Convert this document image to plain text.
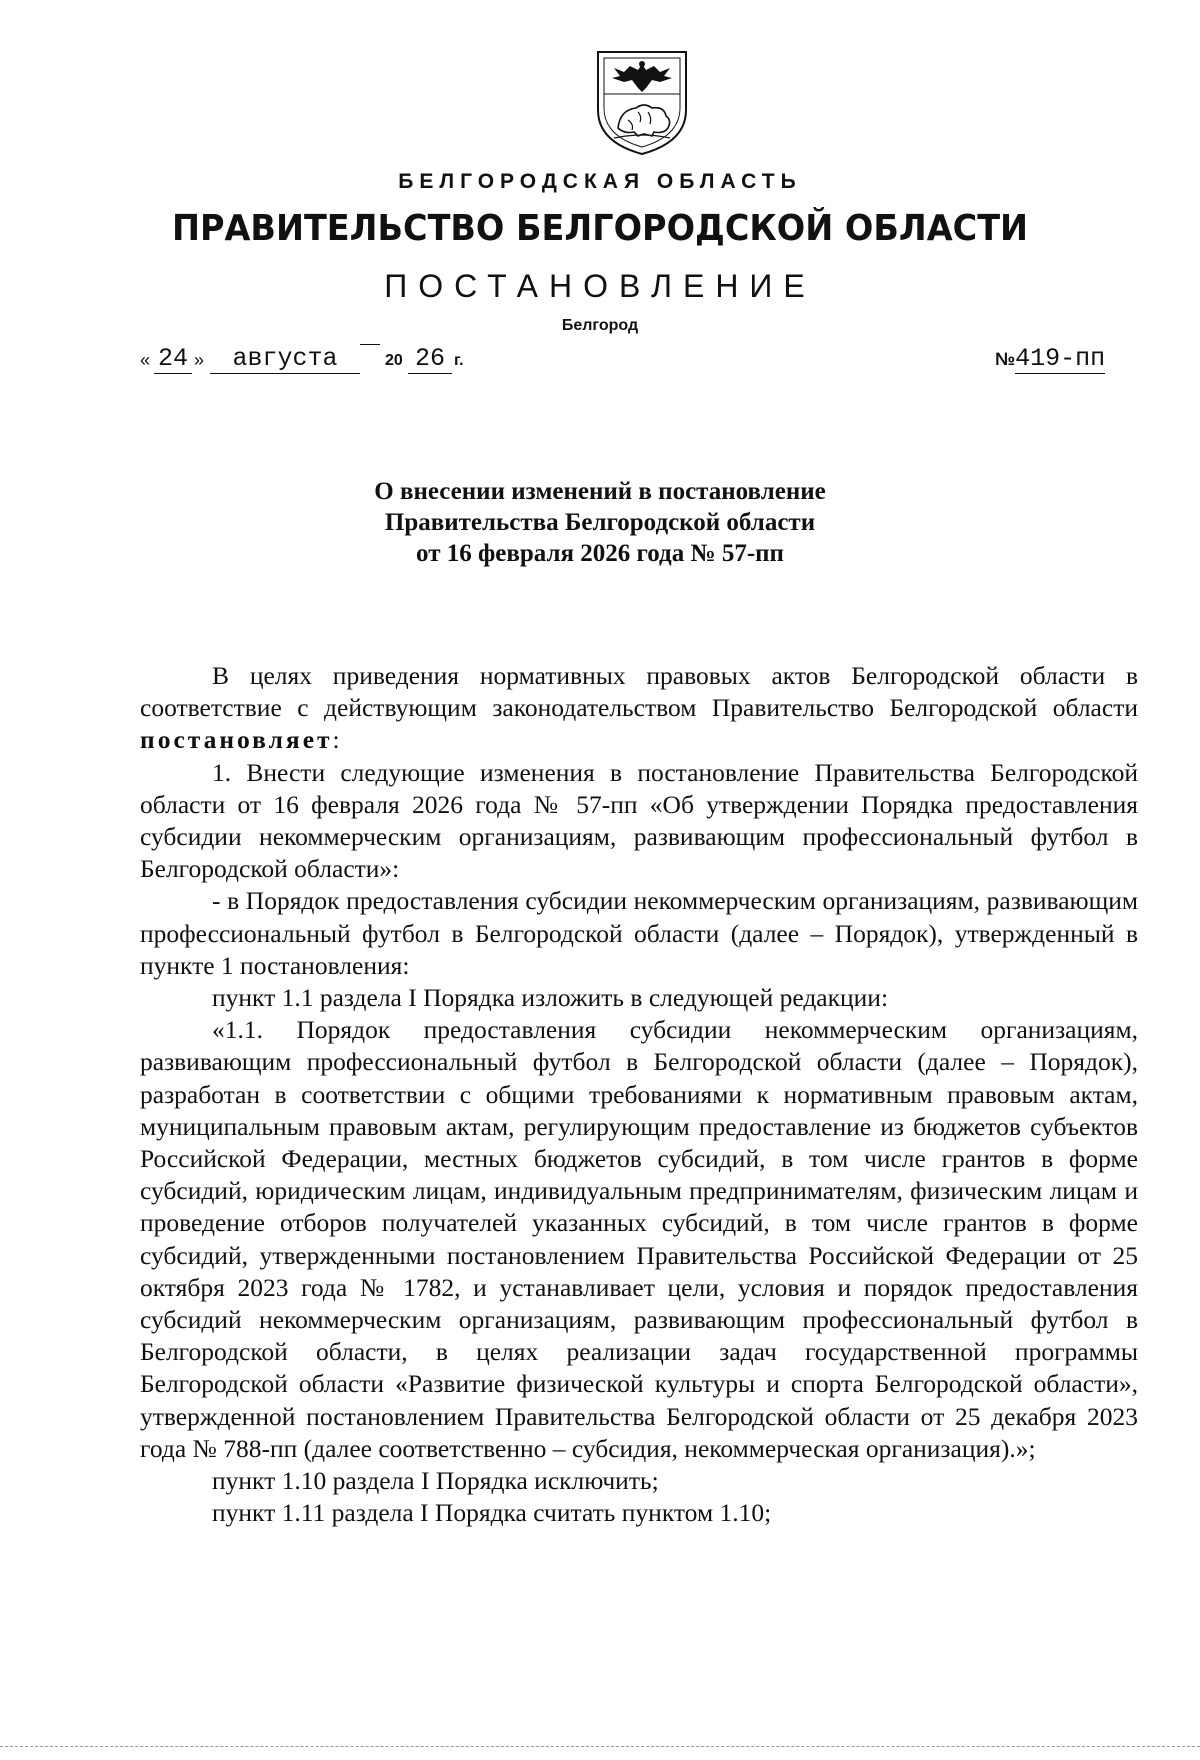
БЕЛГОРОДСКАЯ ОБЛАСТЬ
ПРАВИТЕЛЬСТВО БЕЛГОРОДСКОЙ ОБЛАСТИ
ПОСТАНОВЛЕНИЕ
Белгород
« 24 »	августа	20 26 г.	№419-пп
О внесении изменений в постановление
Правительства Белгородской области
от 16 февраля 2026 года № 57-пп

В целях приведения нормативных правовых актов Белгородской области в соответствие с действующим законодательством Правительство Белгородской области постановляет:

1. Внести следующие изменения в постановление Правительства Белгородской области от 16 февраля 2026 года № 57-пп «Об утверждении Порядка предоставления субсидии некоммерческим организациям, развивающим профессиональный футбол в Белгородской области»:

- в Порядок предоставления субсидии некоммерческим организациям, развивающим профессиональный футбол в Белгородской области (далее – Порядок), утвержденный в пункте 1 постановления:

пункт 1.1 раздела I Порядка изложить в следующей редакции:

«1.1. Порядок предоставления субсидии некоммерческим организациям, развивающим профессиональный футбол в Белгородской области (далее – Порядок), разработан в соответствии с общими требованиями к нормативным правовым актам, муниципальным правовым актам, регулирующим предоставление из бюджетов субъектов Российской Федерации, местных бюджетов субсидий, в том числе грантов в форме субсидий, юридическим лицам, индивидуальным предпринимателям, физическим лицам и проведение отборов получателей указанных субсидий, в том числе грантов в форме субсидий, утвержденными постановлением Правительства Российской Федерации от 25 октября 2023 года № 1782, и устанавливает цели, условия и порядок предоставления субсидий некоммерческим организациям, развивающим профессиональный футбол в Белгородской области, в целях реализации задач государственной программы Белгородской области «Развитие физической культуры и спорта Белгородской области», утвержденной постановлением Правительства Белгородской области от 25 декабря 2023 года № 788-пп (далее соответственно – субсидия, некоммерческая организация).»;

пункт 1.10 раздела I Порядка исключить;

пункт 1.11 раздела I Порядка считать пунктом 1.10;
